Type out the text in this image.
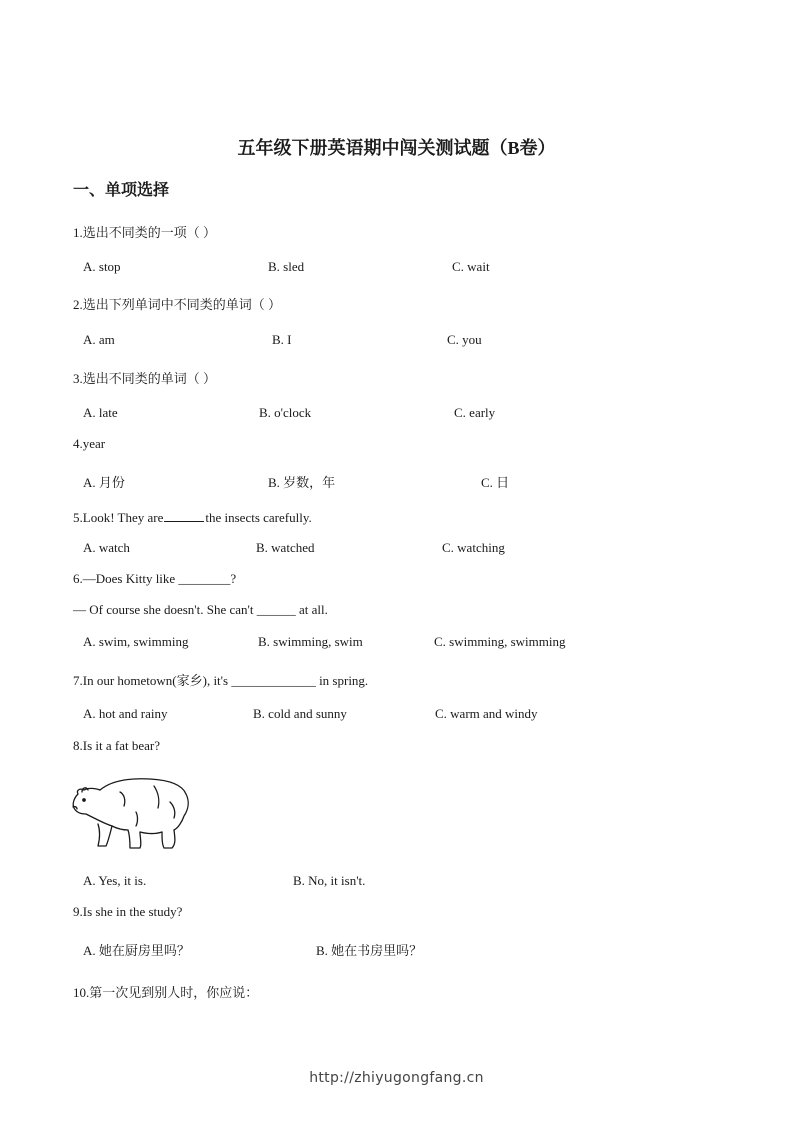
五年级下册英语期中闯关测试题（B卷）
一、单项选择
1.选出不同类的一项（ ）
A. stop	B. sled	C. wait
2.选出下列单词中不同类的单词（ ）
A. am	B. I	C. you
3.选出不同类的单词（ ）
A. late	B. o'clock	C. early
4.year
A. 月份	B. 岁数，年	C. 日
5.Look! They are	the insects carefully.
A. watch	B. watched	C. watching
6.—Does Kitty like ________?
— Of course she doesn't. She can't ______ at all.
A. swim, swimming	B. swimming, swim	C. swimming, swimming
7.In our hometown(家乡), it's _____________ in spring.
A. hot and rainy	B. cold and sunny	C. warm and windy
8.Is it a fat bear?
A. Yes, it is.	B. No, it isn't.
9.Is she in the study?
A. 她在厨房里吗？	B. 她在书房里吗？
10.第一次见到别人时，你应说：
http://zhiyugongfang.cn
